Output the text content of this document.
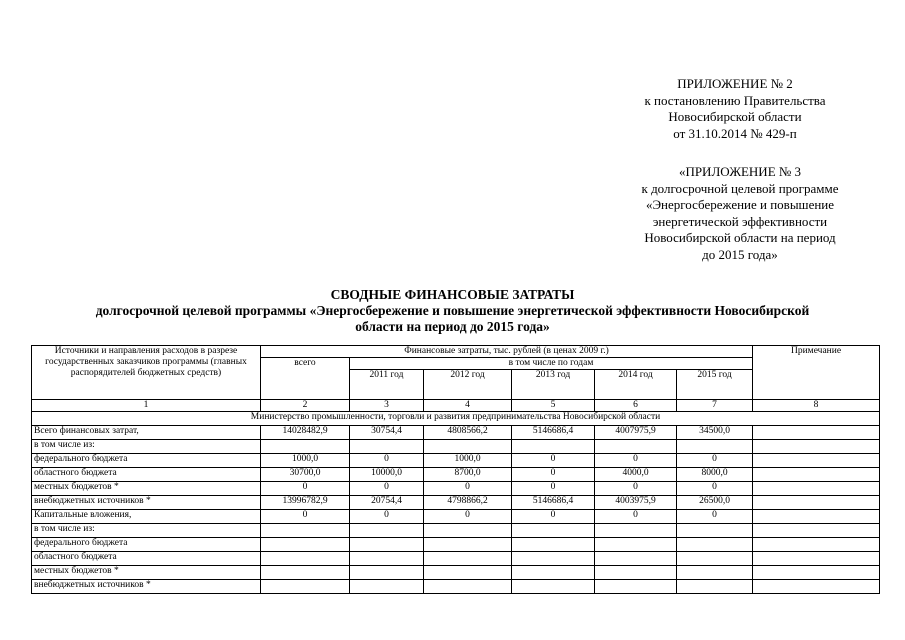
ПРИЛОЖЕНИЕ № 2
к постановлению Правительства
Новосибирской области
от 31.10.2014 № 429-п
«ПРИЛОЖЕНИЕ № 3
к долгосрочной целевой программе
«Энергосбережение и повышение
энергетической эффективности
Новосибирской области на период
до 2015 года»
СВОДНЫЕ ФИНАНСОВЫЕ ЗАТРАТЫ
долгосрочной целевой программы «Энергосбережение и повышение энергетической эффективности Новосибирской
области на период до 2015 года»
Источники и направления расходов в разрезе государственных заказчиков программы (главных распорядителей бюджетных средств)	Финансовые затраты, тыс. рублей (в ценах 2009 г.)						Примечание
	всего	в том числе по годам					
		2011 год	2012 год	2013 год	2014 год	2015 год	
1	2	3	4	5	6	7	8
Министерство промышленности, торговли и развития предпринимательства Новосибирской области							
Всего финансовых затрат,	14028482,9	30754,4	4808566,2	5146686,4	4007975,9	34500,0	
в том числе из:							
федерального бюджета	1000,0	0	1000,0	0	0	0	
областного бюджета	30700,0	10000,0	8700,0	0	4000,0	8000,0	
местных бюджетов *	0	0	0	0	0	0	
внебюджетных источников *	13996782,9	20754,4	4798866,2	5146686,4	4003975,9	26500,0	
Капитальные вложения,	0	0	0	0	0	0	
в том числе из:							
федерального бюджета							
областного бюджета							
местных бюджетов *							
внебюджетных источников *							
